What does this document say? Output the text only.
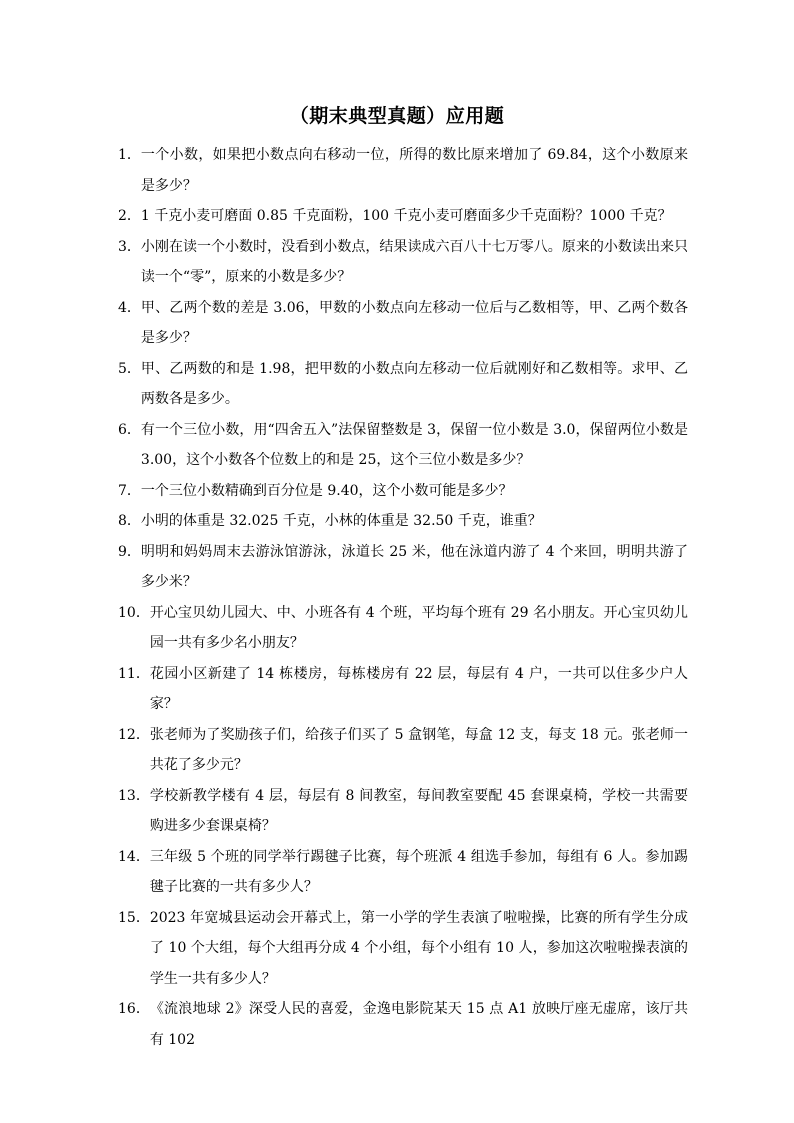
（期末典型真题）应用题
1． 一个小数，如果把小数点向右移动一位，所得的数比原来增加了 69.84，这个小数原来是多少？
2． 1 千克小麦可磨面 0.85 千克面粉，100 千克小麦可磨面多少千克面粉？1000 千克？
3． 小刚在读一个小数时，没看到小数点，结果读成六百八十七万零八。原来的小数读出来只读一个“零”，原来的小数是多少？
4． 甲、乙两个数的差是 3.06，甲数的小数点向左移动一位后与乙数相等，甲、乙两个数各是多少？
5． 甲、乙两数的和是 1.98，把甲数的小数点向左移动一位后就刚好和乙数相等。求甲、乙两数各是多少。
6． 有一个三位小数，用“四舍五入”法保留整数是 3，保留一位小数是 3.0，保留两位小数是 3.00，这个小数各个位数上的和是 25，这个三位小数是多少？
7． 一个三位小数精确到百分位是 9.40，这个小数可能是多少？
8． 小明的体重是 32.025 千克，小林的体重是 32.50 千克，谁重？
9． 明明和妈妈周末去游泳馆游泳，泳道长 25 米，他在泳道内游了 4 个来回，明明共游了多少米？
10． 开心宝贝幼儿园大、中、小班各有 4 个班，平均每个班有 29 名小朋友。开心宝贝幼儿园一共有多少名小朋友？
11． 花园小区新建了 14 栋楼房，每栋楼房有 22 层，每层有 4 户，一共可以住多少户人家？
12． 张老师为了奖励孩子们，给孩子们买了 5 盒钢笔，每盒 12 支，每支 18 元。张老师一共花了多少元？
13． 学校新教学楼有 4 层，每层有 8 间教室，每间教室要配 45 套课桌椅，学校一共需要购进多少套课桌椅？
14． 三年级 5 个班的同学举行踢毽子比赛，每个班派 4 组选手参加，每组有 6 人。参加踢毽子比赛的一共有多少人？
15． 2023 年宽城县运动会开幕式上，第一小学的学生表演了啦啦操，比赛的所有学生分成了 10 个大组，每个大组再分成 4 个小组，每个小组有 10 人，参加这次啦啦操表演的学生一共有多少人？
16． 《流浪地球 2》深受人民的喜爱，金逸电影院某天 15 点 A1 放映厅座无虚席，该厅共有 102
